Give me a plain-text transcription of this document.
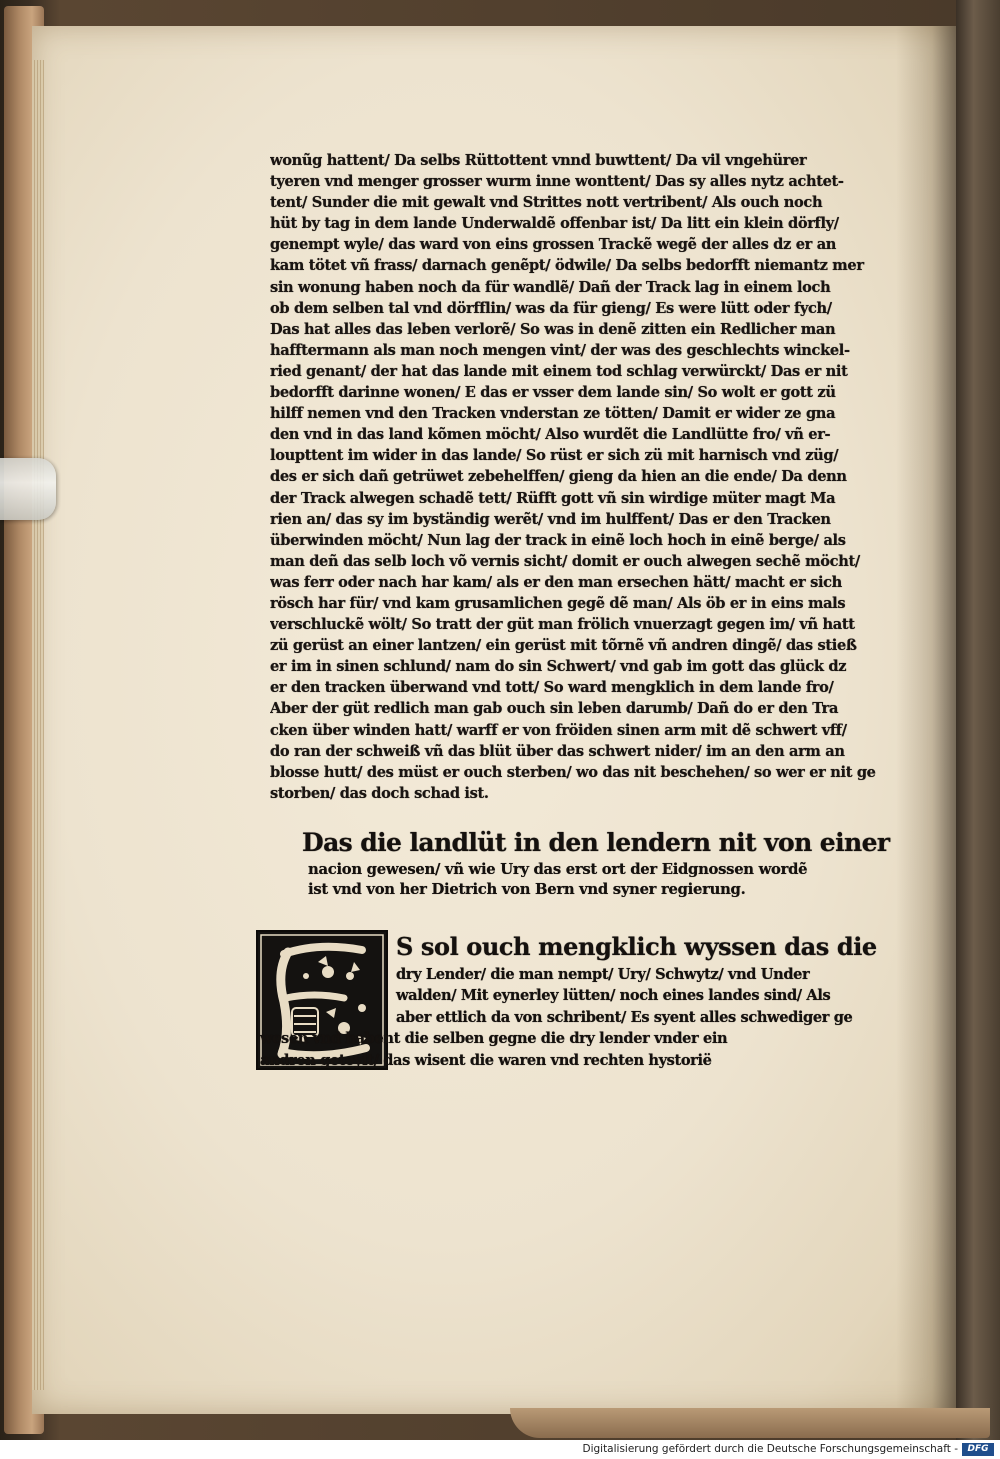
wonũg hattent/ Da selbs Rüttottent vnnd buwttent/ Da vil vngehürer
tyeren vnd menger grosser wurm inne wonttent/ Das sy alles nytz achtet-
tent/ Sunder die mit gewalt vnd Strittes nott vertribent/ Als ouch noch
hüt by tag in dem lande Underwaldẽ offenbar ist/ Da litt ein klein dörfly/
genempt wyle/ das ward von eins grossen Trackẽ wegẽ der alles dz er an
kam tötet vñ frass/ darnach genẽpt/ ödwile/ Da selbs bedorfft niemantz mer
sin wonung haben noch da für wandlẽ/ Dañ der Track lag in einem loch
ob dem selben tal vnd dörfflin/ was da für gieng/ Es were lütt oder fych/
Das hat alles das leben verlorẽ/ So was in denẽ zitten ein Redlicher man
hafftermann als man noch mengen vint/ der was des geschlechts winckel-
ried genant/ der hat das lande mit einem tod schlag verwürckt/ Das er nit
bedorfft darinne wonen/ E das er vsser dem lande sin/ So wolt er gott zü
hilff nemen vnd den Tracken vnderstan ze tötten/ Damit er wider ze gna
den vnd in das land kõmen möcht/ Also wurdẽt die Landlütte fro/ vñ er-
loupttent im wider in das lande/ So rüst er sich zü mit harnisch vnd züg/
des er sich dañ getrüwet zebehelffen/ gieng da hien an die ende/ Da denn
der Track alwegen schadẽ tett/ Rüfft gott vñ sin wirdige müter magt Ma
rien an/ das sy im byständig werẽt/ vnd im hulffent/ Das er den Tracken
überwinden möcht/ Nun lag der track in einẽ loch hoch in einẽ berge/ als
man deñ das selb loch võ vernis sicht/ domit er ouch alwegen sechẽ möcht/
was ferr oder nach har kam/ als er den man ersechen hätt/ macht er sich
rösch har für/ vnd kam grusamlichen gegẽ dẽ man/ Als öb er in eins mals
verschluckẽ wölt/ So tratt der güt man frölich vnuerzagt gegen im/ vñ hatt
zü gerüst an einer lantzen/ ein gerüst mit tõrnẽ vñ andren dingẽ/ das stieß
er im in sinen schlund/ nam do sin Schwert/ vnd gab im gott das glück dz
er den tracken überwand vnd tott/ So ward mengklich in dem lande fro/
Aber der güt redlich man gab ouch sin leben darumb/ Dañ do er den Tra
cken über winden hatt/ warff er von fröiden sinen arm mit dẽ schwert vff/
do ran der schweiß vñ das blüt über das schwert nider/ im an den arm an
blosse hutt/ des müst er ouch sterben/ wo das nit beschehen/ so wer er nit ge
storben/ das doch schad ist.
Das die landlüt in den lendern nit von einer
nacion gewesen/ vñ wie Ury das erst ort der Eidgnossen wordẽ
ist vnd von her Dietrich von Bern vnd syner regierung.
S sol ouch mengklich wyssen das die
dry Lender/ die man nempt/ Ury/ Schwytz/ vnd Under
walden/ Mit eynerley lütten/ noch eines landes sind/ Als
aber ettlich da von schribent/ Es syent alles schwediger ge
wesen vnd habent die selben gegne die dry lender vnder ein
andren geteylt/ das wisent die waren vnd rechten hystorië
Digitalisierung gefördert durch die Deutsche Forschungsgemeinschaft -	DFG
